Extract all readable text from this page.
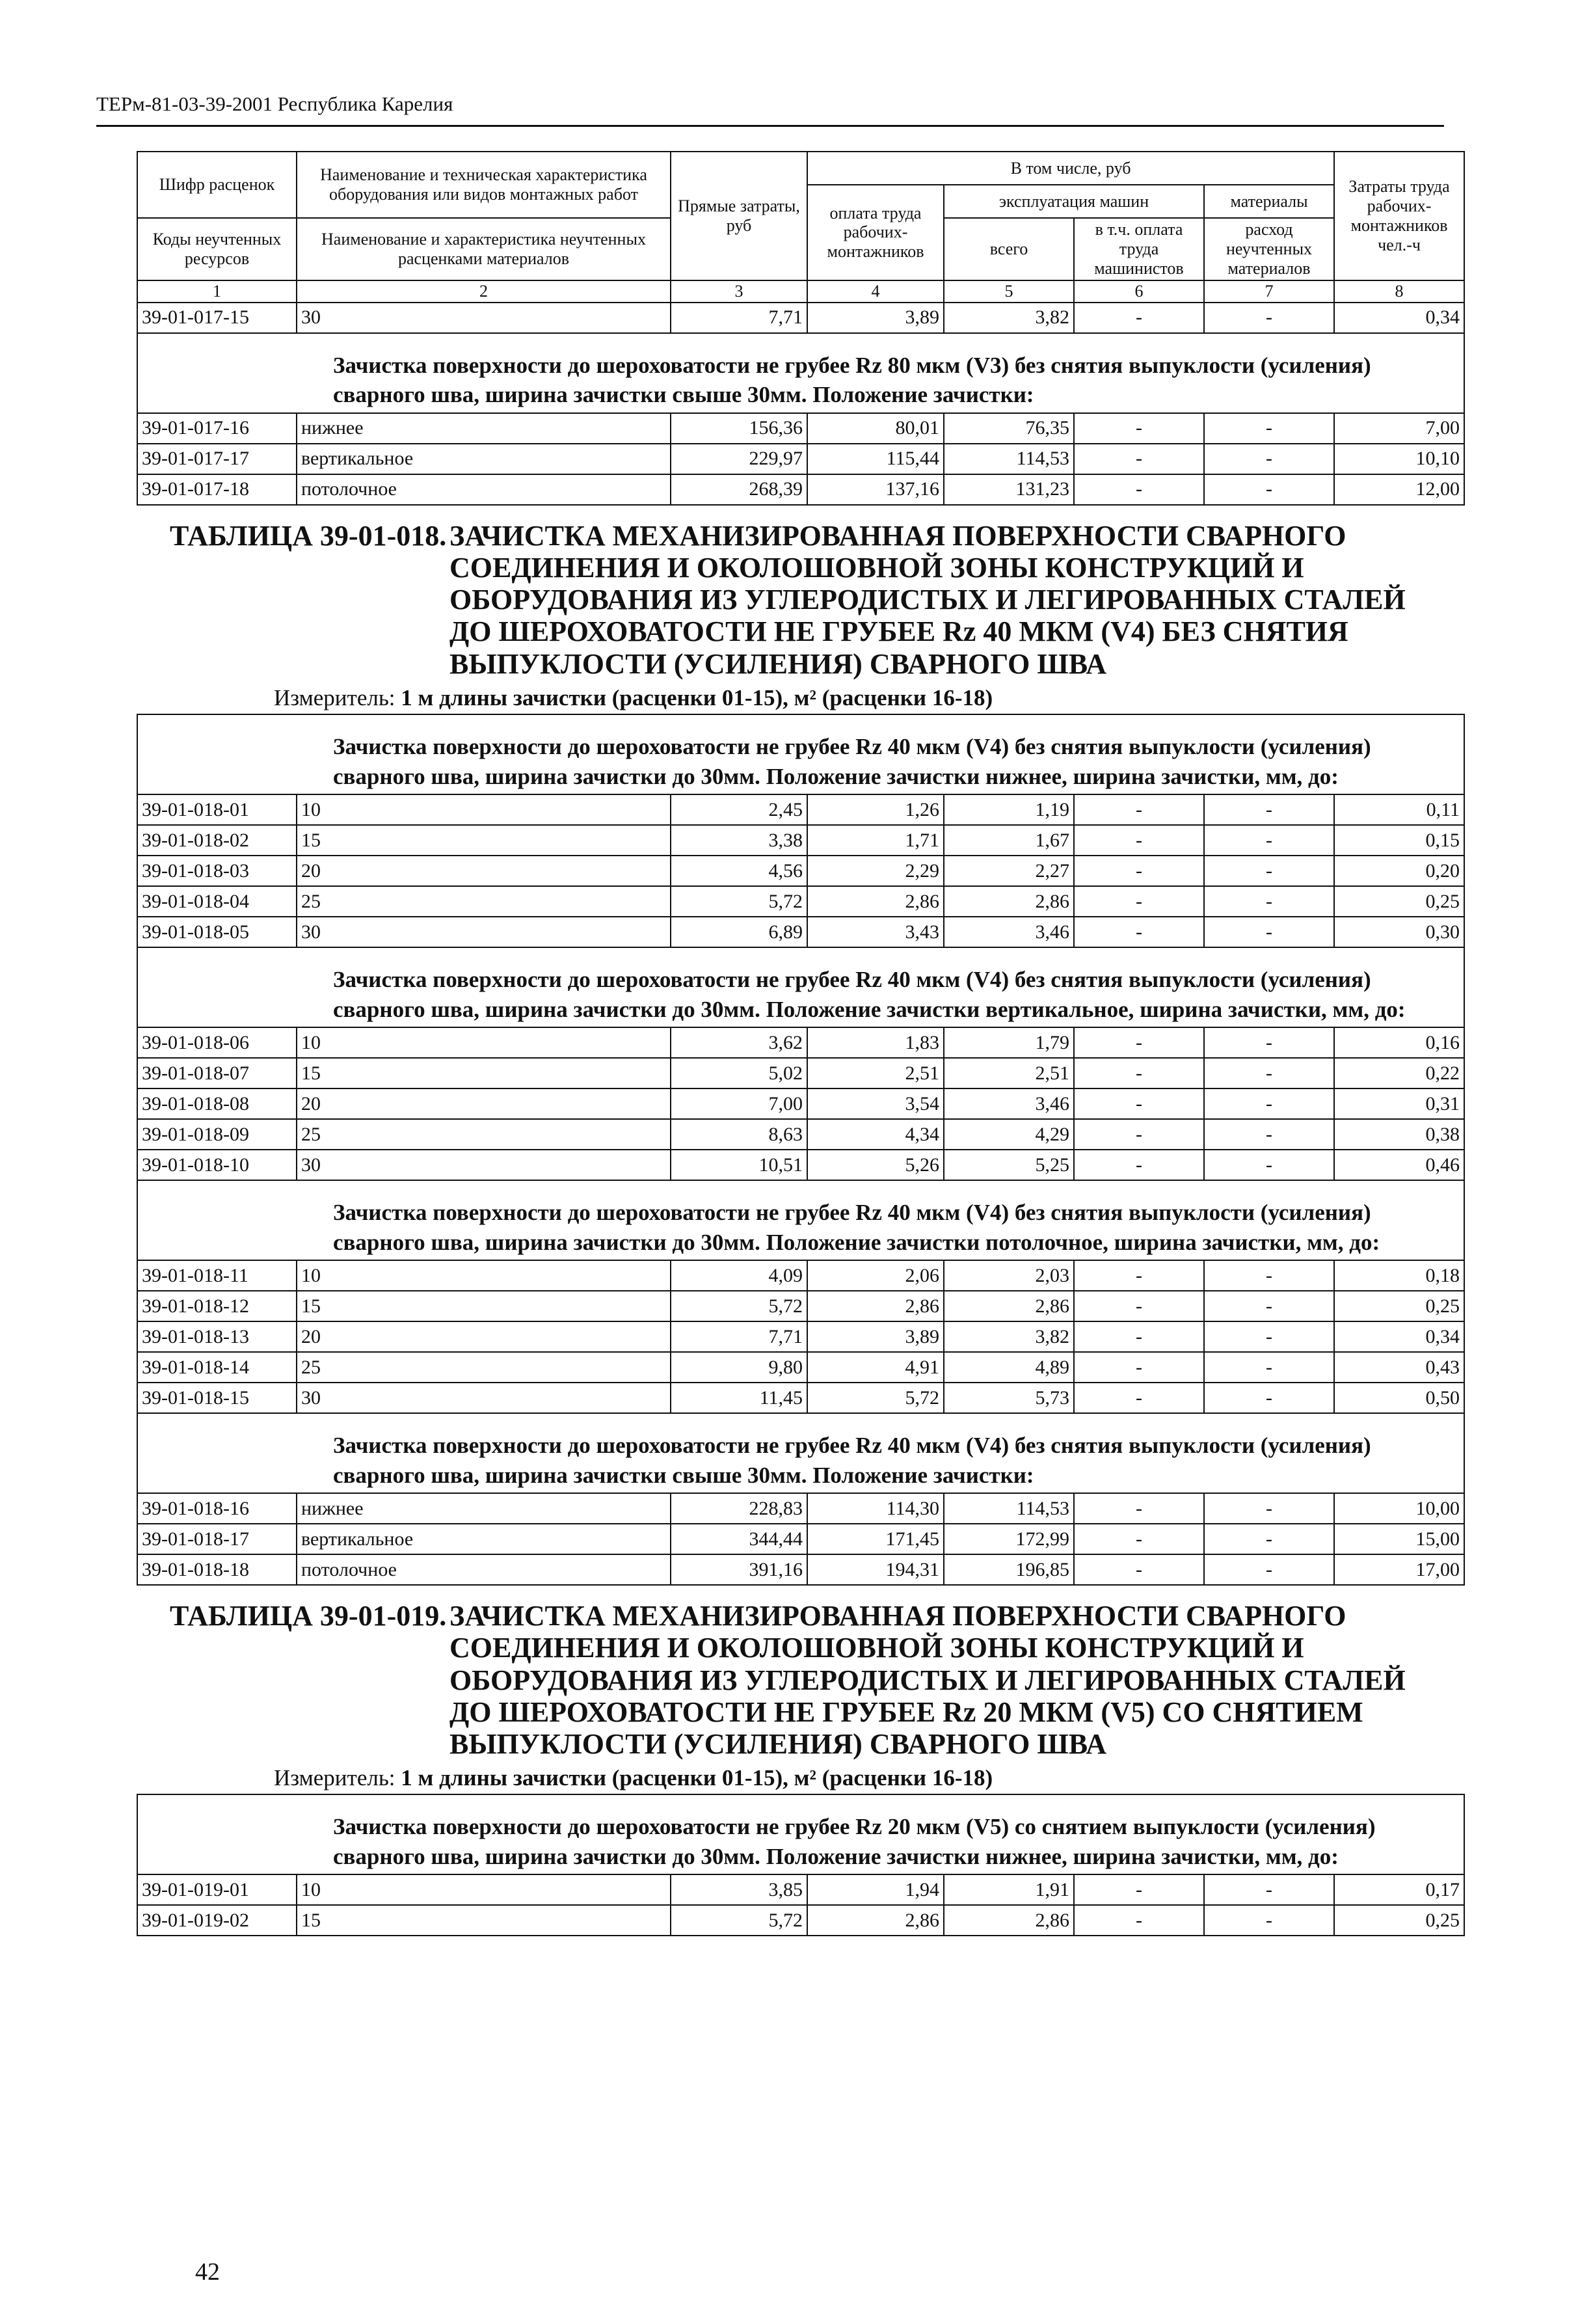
ТЕРм-81-03-39-2001 Республика Карелия
Шифр расценок	Наименование и техническая характеристика оборудования или видов монтажных работ	Прямые затраты, руб	В том числе, руб				Затраты труда рабочих-монтажников чел.-ч
			оплата труда рабочих-монтажников	эксплуатация машин		материалы	

Коды неучтенных ресурсов	Наименование и характеристика неучтенных расценками материалов			всего	в т.ч. оплата труда машинистов	расход неучтенных материалов	

1	2	3	4	5	6	7	8
39-01-017-15	30	7,71	3,89	3,82	-	-	0,34
Зачистка поверхности до шероховатости не грубее Rz 80 мкм (V3) без снятия выпуклости (усиления) сварного шва, ширина зачистки свыше 30мм. Положение зачистки:							
39-01-017-16	нижнее	156,36	80,01	76,35	-	-	7,00
39-01-017-17	вертикальное	229,97	115,44	114,53	-	-	10,10
39-01-017-18	потолочное	268,39	137,16	131,23	-	-	12,00

ТАБЛИЦА 39-01-018. ЗАЧИСТКА МЕХАНИЗИРОВАННАЯ ПОВЕРХНОСТИ СВАРНОГО СОЕДИНЕНИЯ И ОКОЛОШОВНОЙ ЗОНЫ КОНСТРУКЦИЙ И ОБОРУДОВАНИЯ ИЗ УГЛЕРОДИСТЫХ И ЛЕГИРОВАННЫХ СТАЛЕЙ ДО ШЕРОХОВАТОСТИ НЕ ГРУБЕЕ Rz 40 МКМ (V4) БЕЗ СНЯТИЯ ВЫПУКЛОСТИ (УСИЛЕНИЯ) СВАРНОГО ШВА
Измеритель: 1 м длины зачистки (расценки 01-15), м² (расценки 16-18)							

Зачистка поверхности до шероховатости не грубее Rz 40 мкм (V4) без снятия выпуклости (усиления) сварного шва, ширина зачистки до 30мм. Положение зачистки нижнее, ширина зачистки, мм, до:							
39-01-018-01	10	2,45	1,26	1,19	-	-	0,11
39-01-018-02	15	3,38	1,71	1,67	-	-	0,15
39-01-018-03	20	4,56	2,29	2,27	-	-	0,20
39-01-018-04	25	5,72	2,86	2,86	-	-	0,25
39-01-018-05	30	6,89	3,43	3,46	-	-	0,30
Зачистка поверхности до шероховатости не грубее Rz 40 мкм (V4) без снятия выпуклости (усиления) сварного шва, ширина зачистки до 30мм. Положение зачистки вертикальное, ширина зачистки, мм, до:							
39-01-018-06	10	3,62	1,83	1,79	-	-	0,16
39-01-018-07	15	5,02	2,51	2,51	-	-	0,22
39-01-018-08	20	7,00	3,54	3,46	-	-	0,31
39-01-018-09	25	8,63	4,34	4,29	-	-	0,38
39-01-018-10	30	10,51	5,26	5,25	-	-	0,46
Зачистка поверхности до шероховатости не грубее Rz 40 мкм (V4) без снятия выпуклости (усиления) сварного шва, ширина зачистки до 30мм. Положение зачистки потолочное, ширина зачистки, мм, до:							
39-01-018-11	10	4,09	2,06	2,03	-	-	0,18
39-01-018-12	15	5,72	2,86	2,86	-	-	0,25
39-01-018-13	20	7,71	3,89	3,82	-	-	0,34
39-01-018-14	25	9,80	4,91	4,89	-	-	0,43
39-01-018-15	30	11,45	5,72	5,73	-	-	0,50
Зачистка поверхности до шероховатости не грубее Rz 40 мкм (V4) без снятия выпуклости (усиления) сварного шва, ширина зачистки свыше 30мм. Положение зачистки:							
39-01-018-16	нижнее	228,83	114,30	114,53	-	-	10,00
39-01-018-17	вертикальное	344,44	171,45	172,99	-	-	15,00
39-01-018-18	потолочное	391,16	194,31	196,85	-	-	17,00

ТАБЛИЦА 39-01-019. ЗАЧИСТКА МЕХАНИЗИРОВАННАЯ ПОВЕРХНОСТИ СВАРНОГО СОЕДИНЕНИЯ И ОКОЛОШОВНОЙ ЗОНЫ КОНСТРУКЦИЙ И ОБОРУДОВАНИЯ ИЗ УГЛЕРОДИСТЫХ И ЛЕГИРОВАННЫХ СТАЛЕЙ ДО ШЕРОХОВАТОСТИ НЕ ГРУБЕЕ Rz 20 МКМ (V5) СО СНЯТИЕМ ВЫПУКЛОСТИ (УСИЛЕНИЯ) СВАРНОГО ШВА
Измеритель: 1 м длины зачистки (расценки 01-15), м² (расценки 16-18)							

Зачистка поверхности до шероховатости не грубее Rz 20 мкм (V5) со снятием выпуклости (усиления) сварного шва, ширина зачистки до 30мм. Положение зачистки нижнее, ширина зачистки, мм, до:							
39-01-019-01	10	3,85	1,94	1,91	-	-	0,17
39-01-019-02	15	5,72	2,86	2,86	-	-	0,25
42
